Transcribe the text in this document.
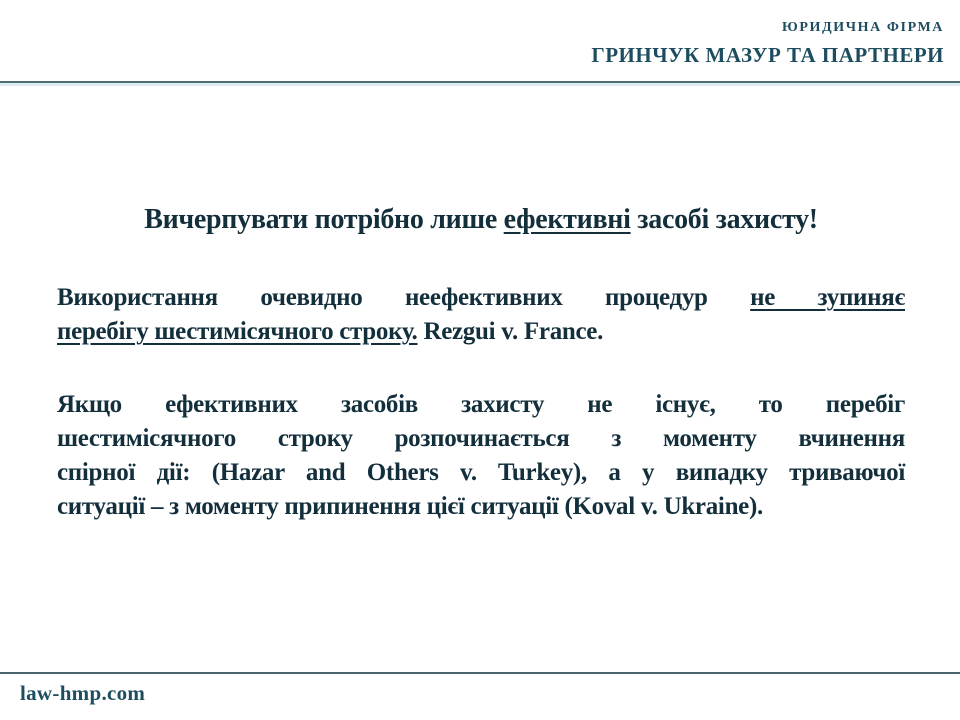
ЮРИДИЧНА ФІРМА
ГРИНЧУК МАЗУР ТА ПАРТНЕРИ
Вичерпувати потрібно лише ефективні засобі захисту!
Використання очевидно неефективних процедур не зупиняє
перебігу шестимісячного строку. Rezgui v. France.
Якщо ефективних засобів захисту не існує, то перебіг
шестимісячного строку розпочинається з моменту вчинення
спірної дії: (Hazar and Others v. Turkey), а у випадку триваючої
ситуації – з моменту припинення цієї ситуації (Koval v. Ukraine).
law-hmp.com
